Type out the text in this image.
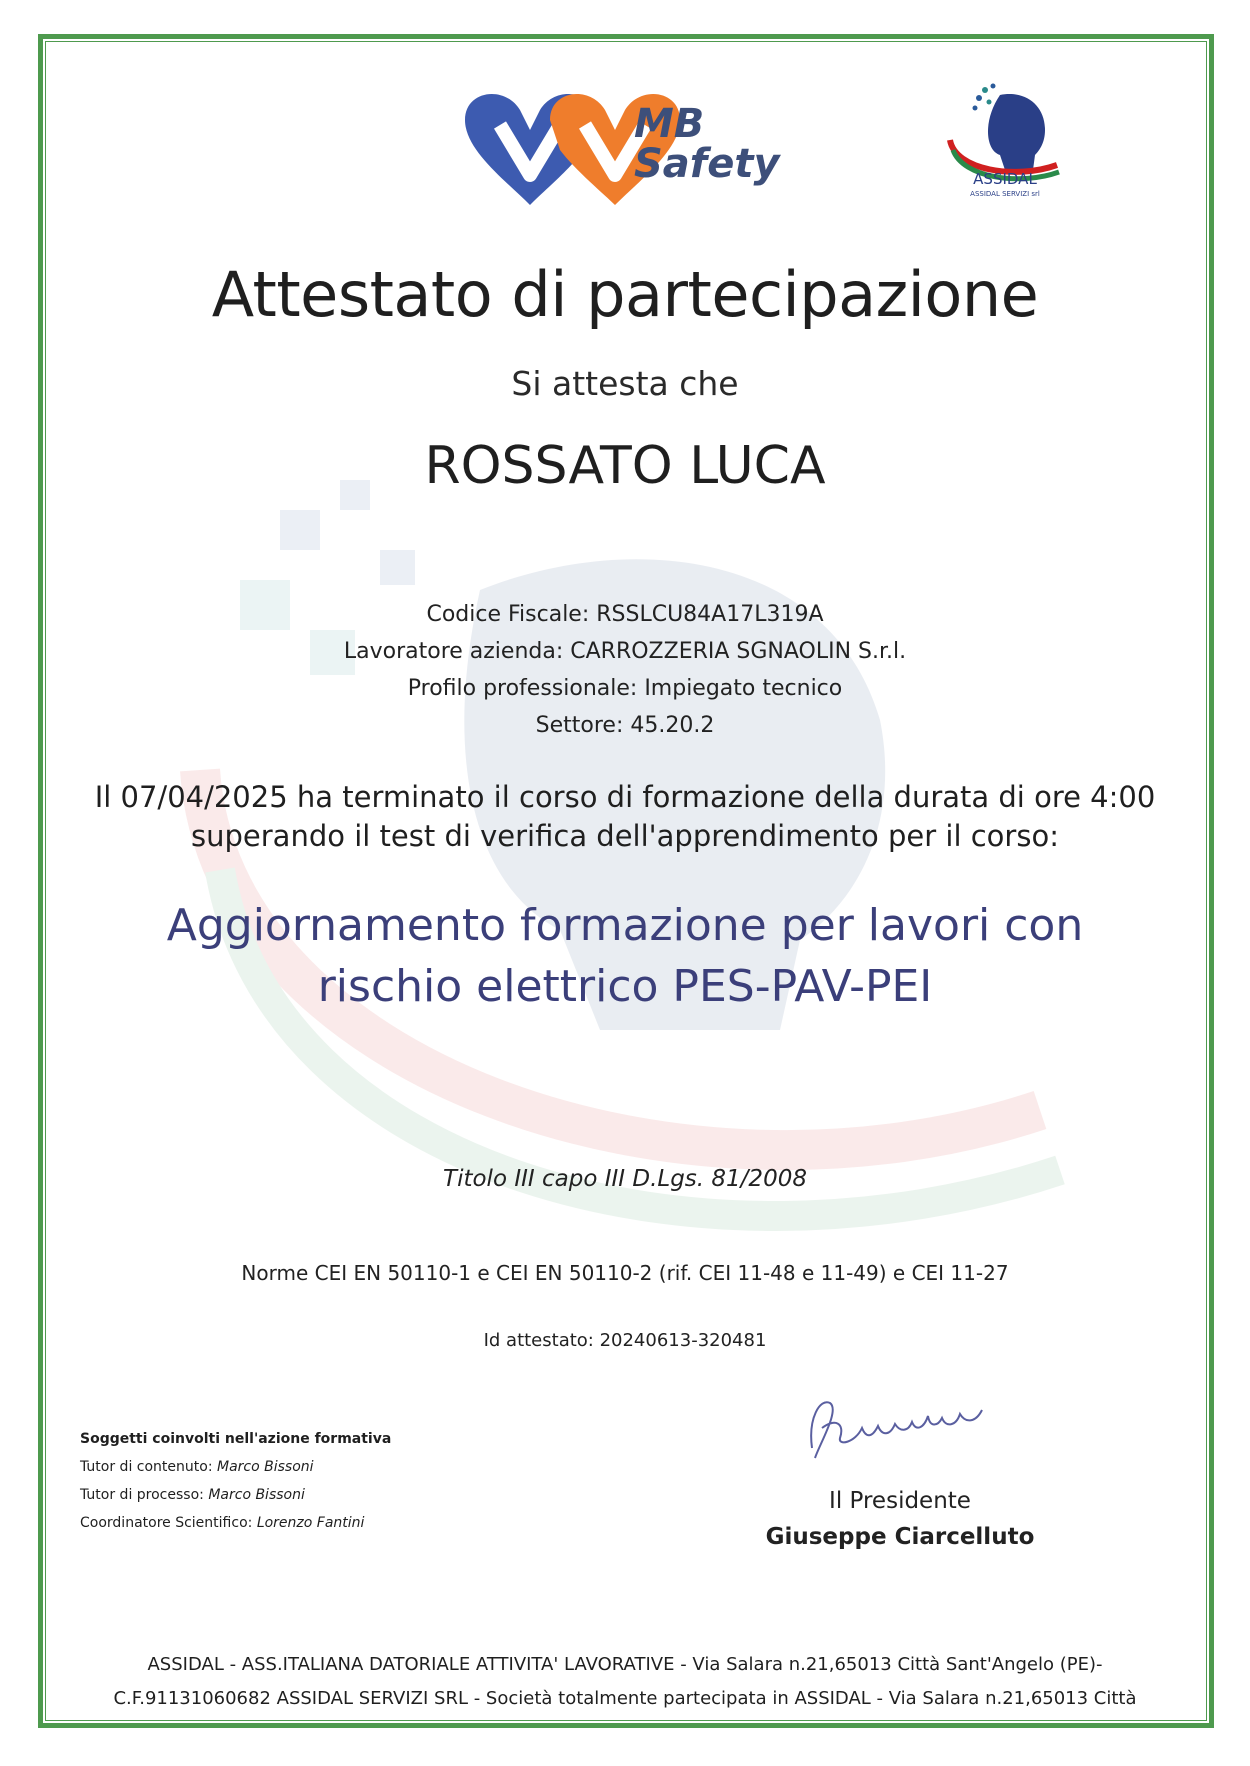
MB
Safety	ASSIDAL
ASSIDAL SERVIZI srl
Attestato di partecipazione
Si attesta che
ROSSATO LUCA
Codice Fiscale: RSSLCU84A17L319A
Lavoratore azienda: CARROZZERIA SGNAOLIN S.r.l.
Profilo professionale: Impiegato tecnico
Settore: 45.20.2
Il 07/04/2025 ha terminato il corso di formazione della durata di ore 4:00
superando il test di verifica dell'apprendimento per il corso:
Aggiornamento formazione per lavori con
rischio elettrico PES-PAV-PEI
Titolo III capo III D.Lgs. 81/2008
Norme CEI EN 50110-1 e CEI EN 50110-2 (rif. CEI 11-48 e 11-49) e CEI 11-27
Id attestato: 20240613-320481
Soggetti coinvolti nell'azione formativa
Tutor di contenuto: Marco Bissoni
Tutor di processo: Marco Bissoni
Coordinatore Scientifico: Lorenzo Fantini
Il Presidente
Giuseppe Ciarcelluto
ASSIDAL - ASS.ITALIANA DATORIALE ATTIVITA' LAVORATIVE - Via Salara n.21,65013 Città Sant'Angelo (PE)-
C.F.91131060682 ASSIDAL SERVIZI SRL - Società totalmente partecipata in ASSIDAL - Via Salara n.21,65013 Città
